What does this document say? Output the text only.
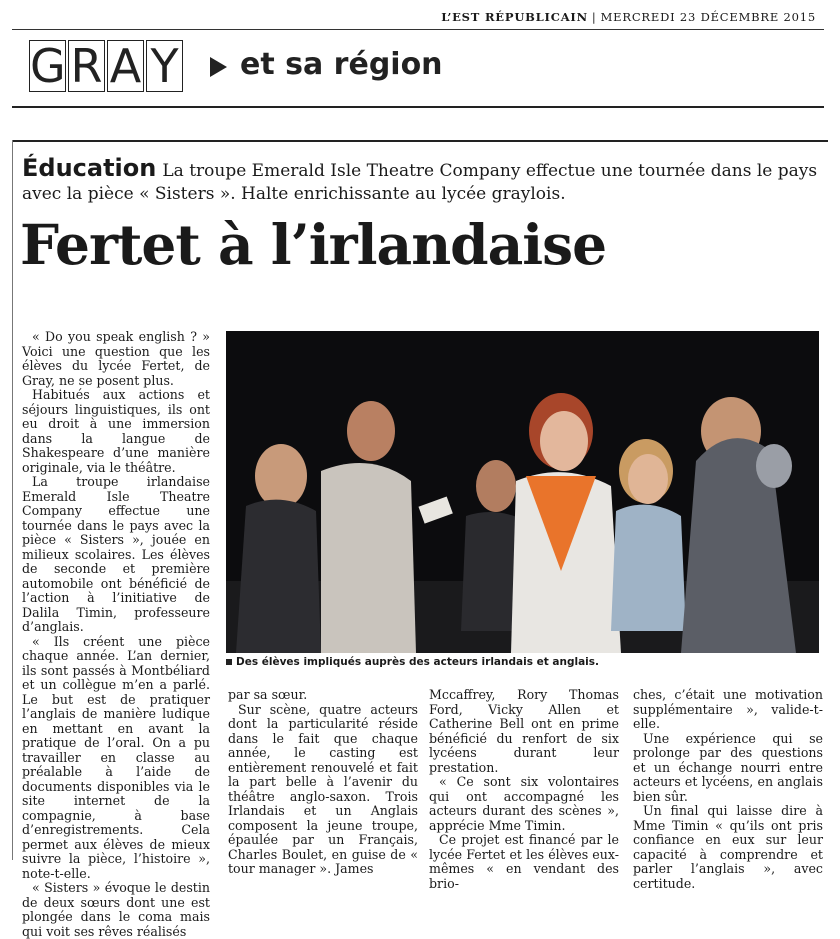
L’EST RÉPUBLICAIN | MERCREDI 23 DÉCEMBRE 2015
G R A Y et sa région
Éducation La troupe Emerald Isle Theatre Company effectue une tournée dans le pays avec la pièce « Sisters ». Halte enrichissante au lycée graylois.
Fertet à l’irlandaise
Des élèves impliqués auprès des acteurs irlandais et anglais.

« Do you speak english ? » Voici une question que les élèves du lycée Fertet, de Gray, ne se posent plus.

Habitués aux actions et séjours linguistiques, ils ont eu droit à une immersion dans la langue de Shakespeare d’une manière originale, via le théâtre.

La troupe irlandaise Emerald Isle Theatre Company effectue une tournée dans le pays avec la pièce « Sisters », jouée en milieux scolaires. Les élèves de seconde et première automobile ont bénéficié de l’action à l’initiative de Dalila Timin, professeure d’anglais.

« Ils créent une pièce chaque année. L’an dernier, ils sont passés à Montbéliard et un collègue m’en a parlé. Le but est de pratiquer l’anglais de manière ludique en mettant en avant la pratique de l’oral. On a pu travailler en classe au préalable à l’aide de documents disponibles via le site internet de la compagnie, à base d’enregistrements. Cela permet aux élèves de mieux suivre la pièce, l’histoire », note-t-elle.

« Sisters » évoque le destin de deux sœurs dont une est plongée dans le coma mais qui voit ses rêves réalisés

par sa sœur.

Sur scène, quatre acteurs dont la particularité réside dans le fait que chaque année, le casting est entièrement renouvelé et fait la part belle à l’avenir du théâtre anglo-saxon. Trois Irlandais et un Anglais composent la jeune troupe, épaulée par un Français, Charles Boulet, en guise de « tour manager ». James

Mccaffrey, Rory Thomas Ford, Vicky Allen et Catherine Bell ont en prime bénéficié du renfort de six lycéens durant leur prestation.

« Ce sont six volontaires qui ont accompagné les acteurs durant des scènes », apprécie Mme Timin.

Ce projet est financé par le lycée Fertet et les élèves eux-mêmes « en vendant des brio-

ches, c’était une motivation supplémentaire », valide-t-elle.

Une expérience qui se prolonge par des questions et un échange nourri entre acteurs et lycéens, en anglais bien sûr.

Un final qui laisse dire à Mme Timin « qu’ils ont pris confiance en eux sur leur capacité à comprendre et parler l’anglais », avec certitude.
